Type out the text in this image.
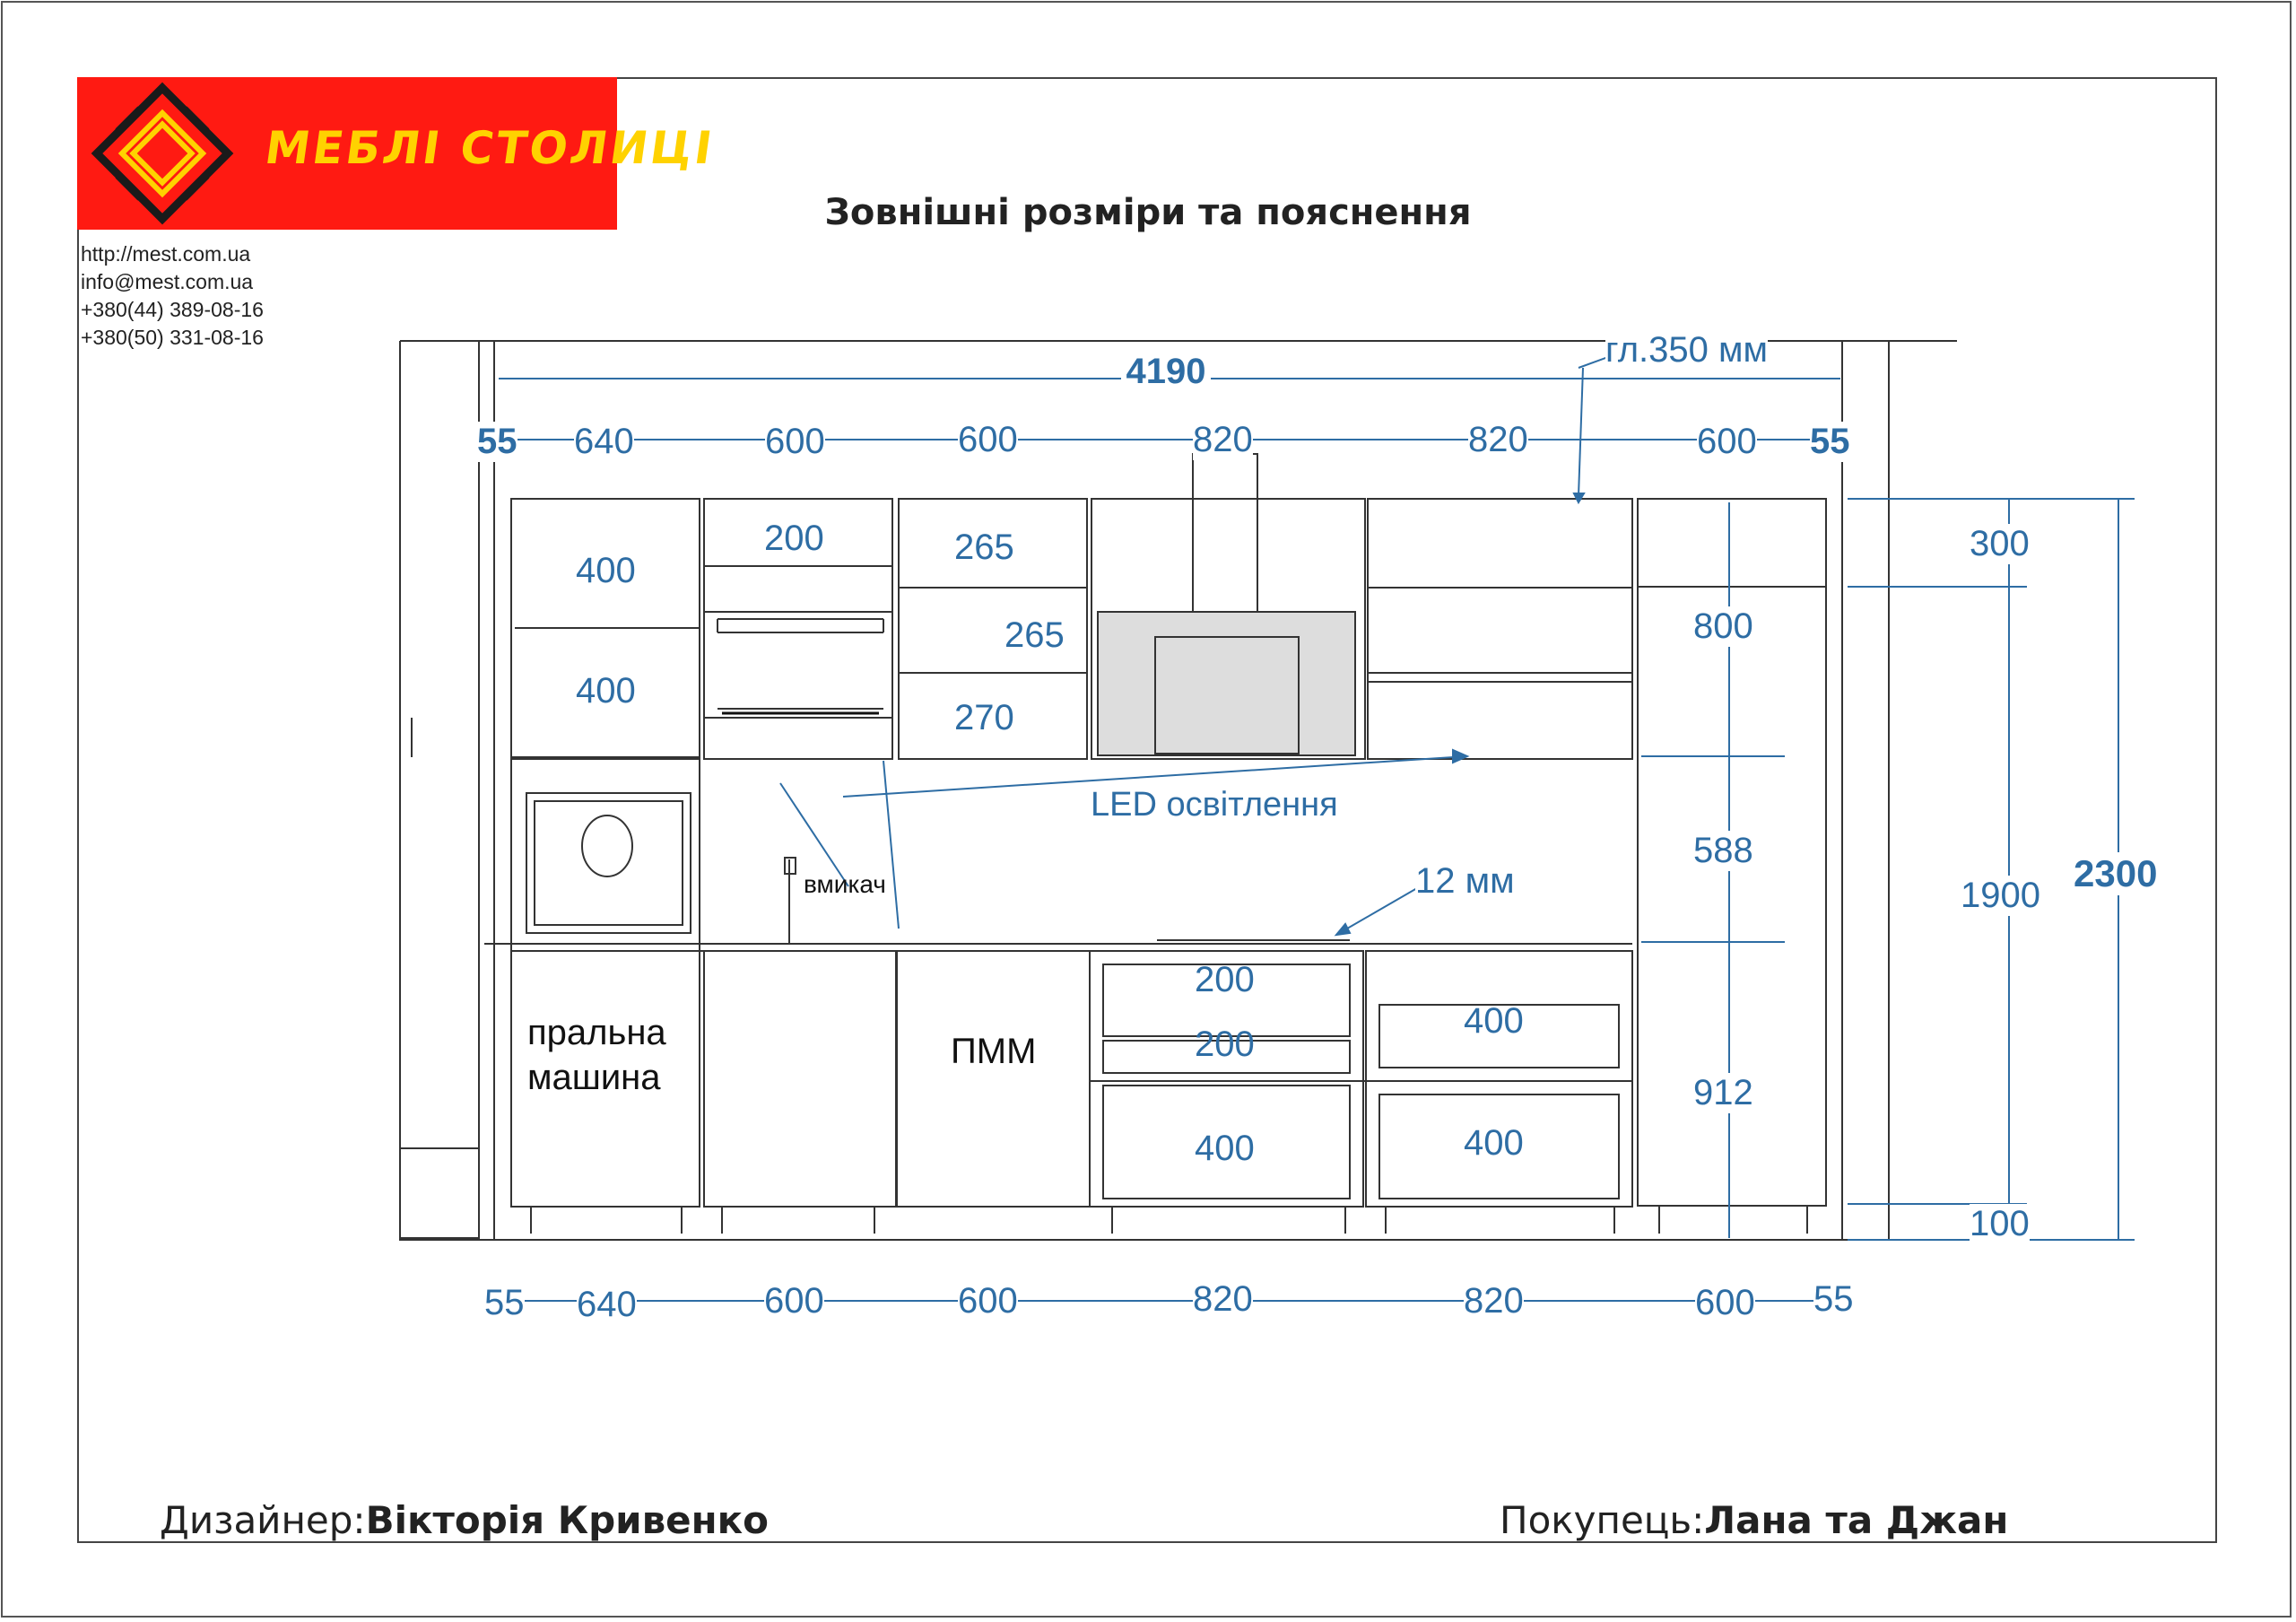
МЕБЛІ СТОЛИЦІ
http://mest.com.ua
info@mest.com.ua
+380(44) 389-08-16
+380(50) 331-08-16
Зовнішні розміри та пояснення
4190
гл.350 мм
55 640	600	600	820	820	600 55
55 640	600	600	820	820	600 55
300
1900
100
2300
800
588
912
400
400
200	265
265
270
200
200
400
400
400
12 мм
LED освітлення
вмикач
пральна
машина
ПММ
Дизайнер:Вікторія Кривенко	Покупець:Лана та Джан
